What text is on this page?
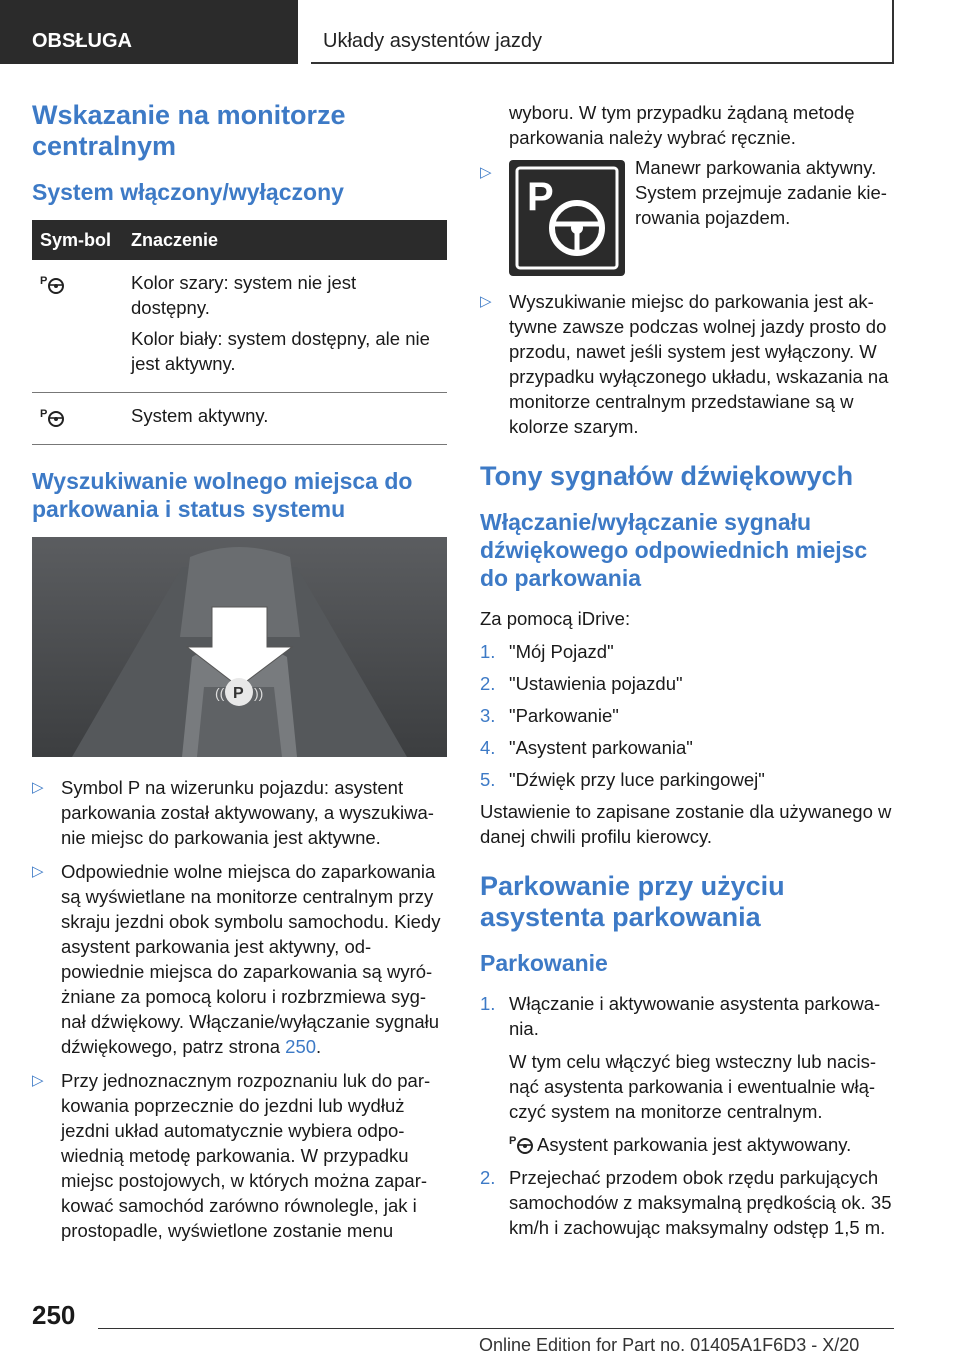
OBSŁUGA	Układy asystentów jazdy
Wskazanie na monitorze centralnym
System włączony/wyłączony
Sym-bol	Znaczenie

P	Kolor szary: system nie jest dostępny.

Kolor biały: system dostępny, ale nie jest aktywny.

P	System aktywny.

Wyszukiwanie wolnego miejsca do parkowania i status systemu
P
(( ))
▷ Symbol P na wizerunku pojazdu: asystent parkowania został aktywowany, a wyszukiwa-nie miejsc do parkowania jest aktywne.
▷ Odpowiednie wolne miejsca do zaparkowania są wyświetlane na monitorze centralnym przy skraju jezdni obok symbolu samochodu. Kiedy asystent parkowania jest aktywny, od-powiednie miejsca do zaparkowania są wyró-żniane za pomocą koloru i rozbrzmiewa syg-nał dźwiękowy. Włączanie/wyłączanie sygnału dźwiękowego, patrz strona 250.
▷ Przy jednoznacznym rozpoznaniu luk do par-kowania poprzecznie do jezdni lub wydłuż jezdni układ automatycznie wybiera odpo-wiednią metodę parkowania. W przypadku miejsc postojowych, w których można zapar-kować samochód zarówno równolegle, jak i prostopadle, wyświetlone zostanie menu

wyboru. W tym przypadku żądaną metodę parkowania należy wybrać ręcznie.

▷
P
Manewr parkowania aktywny. System przejmuje zadanie kie-rowania pojazdem.
▷ Wyszukiwanie miejsc do parkowania jest ak-tywne zawsze podczas wolnej jazdy prosto do przodu, nawet jeśli system jest wyłączony. W przypadku wyłączonego układu, wskazania na monitorze centralnym przedstawiane są w kolorze szarym.
Tony sygnałów dźwiękowych
Włączanie/wyłączanie sygnału dźwiękowego odpowiednich miejsc do parkowania

Za pomocą iDrive:

1. "Mój Pojazd"
2. "Ustawienia pojazdu"
3. "Parkowanie"
4. "Asystent parkowania"
5. "Dźwięk przy luce parkingowej"

Ustawienie to zapisane zostanie dla używanego w danej chwili profilu kierowcy.

Parkowanie przy użyciu asystenta parkowania
Parkowanie
1. Włączanie i aktywowanie asystenta parkowa-nia.

W tym celu włączyć bieg wsteczny lub nacis-nąć asystenta parkowania i ewentualnie włą-czyć system na monitorze centralnym.

P Asystent parkowania jest aktywowany.

2. Przejechać przodem obok rzędu parkujących samochodów z maksymalną prędkością ok. 35 km/h i zachowując maksymalny odstęp 1,5 m.
250
Online Edition for Part no. 01405A1F6D3 - X/20
